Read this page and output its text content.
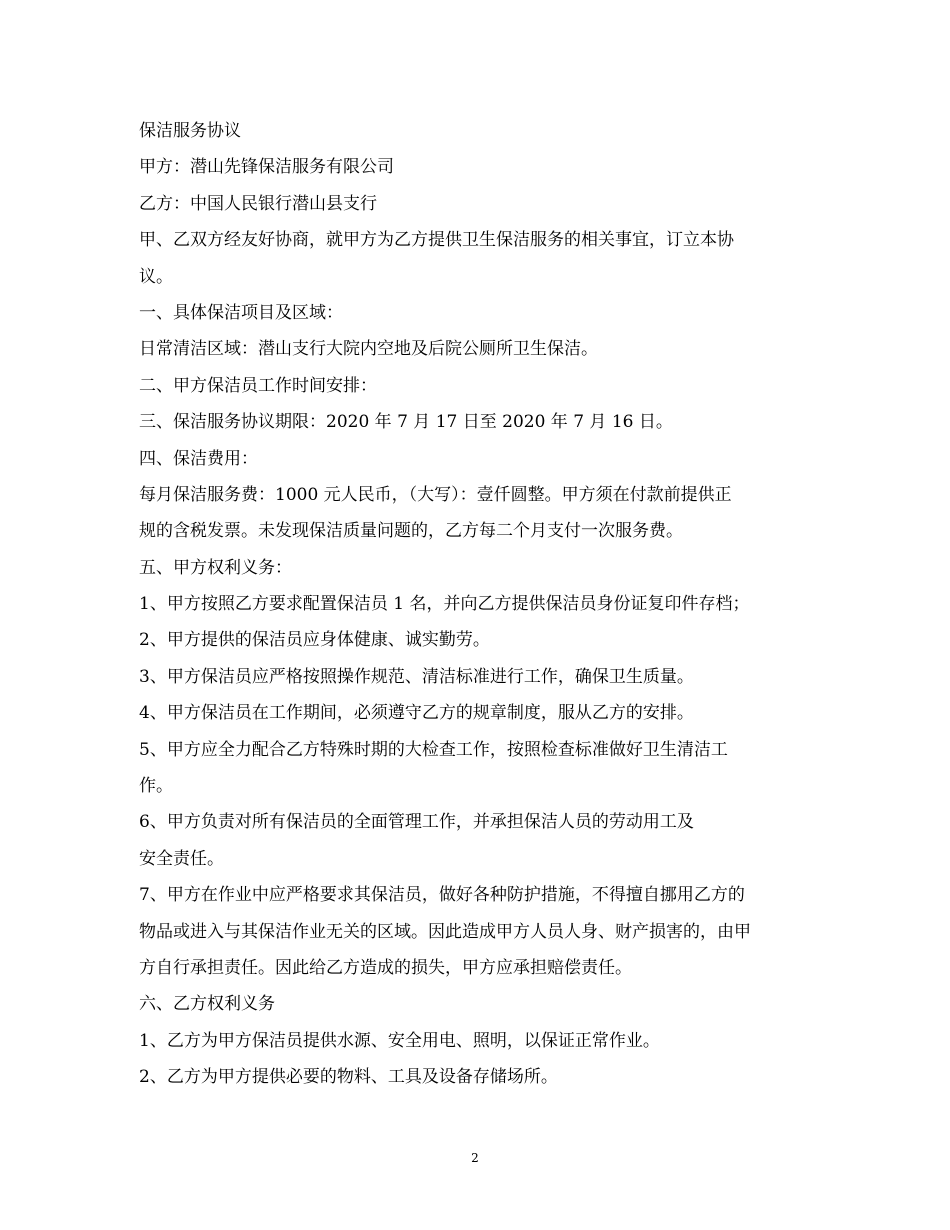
保洁服务协议
甲方：潜山先锋保洁服务有限公司
乙方：中国人民银行潜山县支行
甲、乙双方经友好协商，就甲方为乙方提供卫生保洁服务的相关事宜，订立本协
议。
一、具体保洁项目及区域：
日常清洁区域：潜山支行大院内空地及后院公厕所卫生保洁。
二、甲方保洁员工作时间安排：
三、保洁服务协议期限：2020 年 7 月 17 日至 2020 年 7 月 16 日。
四、保洁费用：
每月保洁服务费：1000 元人民币，（大写）：壹仟圆整。甲方须在付款前提供正
规的含税发票。未发现保洁质量问题的，乙方每二个月支付一次服务费。
五、甲方权利义务：
1、甲方按照乙方要求配置保洁员 1 名，并向乙方提供保洁员身份证复印件存档；
2、甲方提供的保洁员应身体健康、诚实勤劳。
3、甲方保洁员应严格按照操作规范、清洁标准进行工作，确保卫生质量。
4、甲方保洁员在工作期间，必须遵守乙方的规章制度，服从乙方的安排。
5、甲方应全力配合乙方特殊时期的大检查工作，按照检查标准做好卫生清洁工
作。
6、甲方负责对所有保洁员的全面管理工作，并承担保洁人员的劳动用工及
安全责任。
7、甲方在作业中应严格要求其保洁员，做好各种防护措施，不得擅自挪用乙方的
物品或进入与其保洁作业无关的区域。因此造成甲方人员人身、财产损害的，由甲
方自行承担责任。因此给乙方造成的损失，甲方应承担赔偿责任。
六、乙方权利义务
1、乙方为甲方保洁员提供水源、安全用电、照明，以保证正常作业。
2、乙方为甲方提供必要的物料、工具及设备存储场所。
2
